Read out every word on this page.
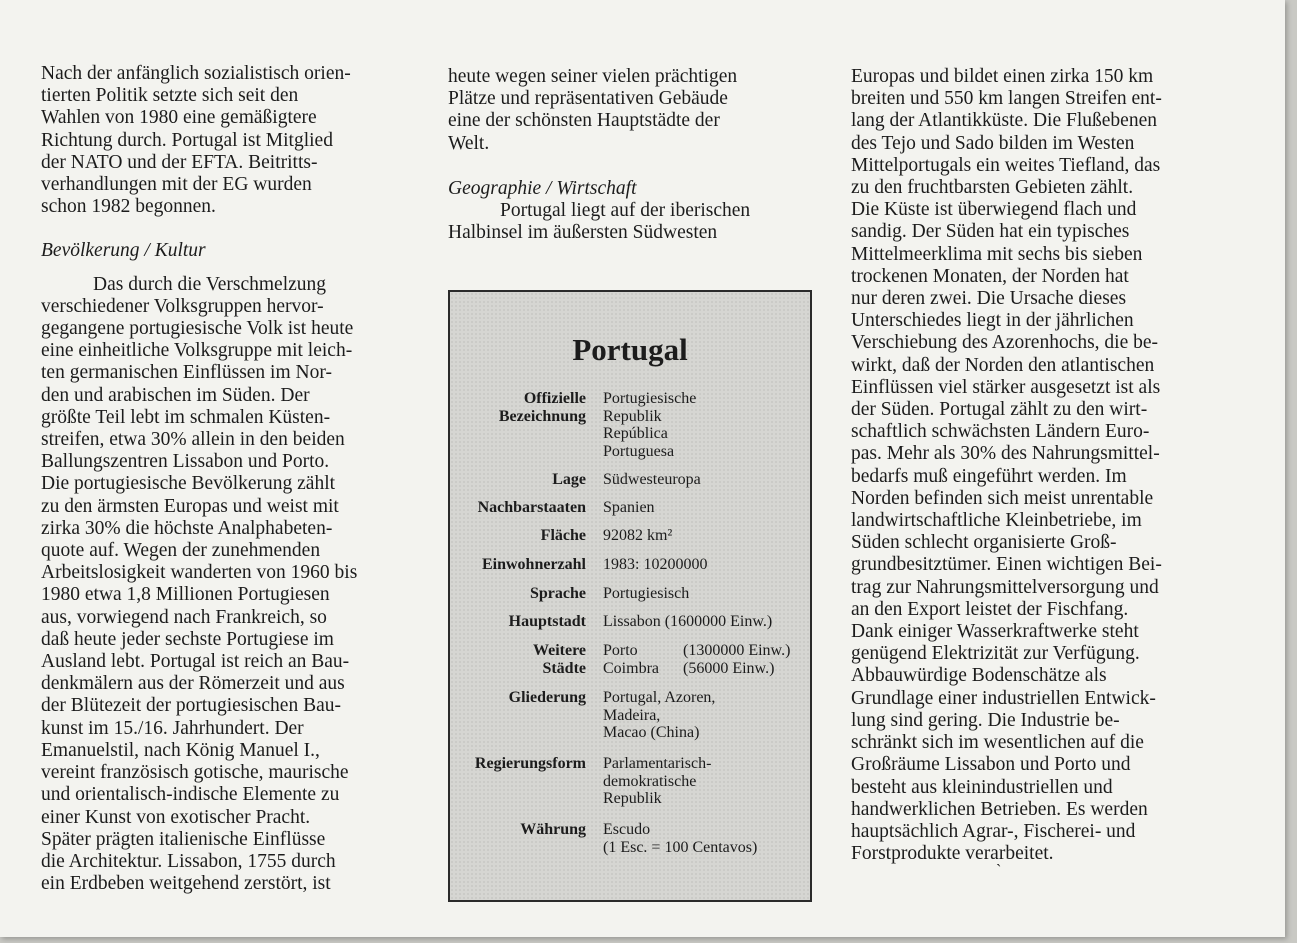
Nach der anfänglich sozialistisch orien-

tierten Politik setzte sich seit den

Wahlen von 1980 eine gemäßigtere

Richtung durch. Portugal ist Mitglied

der NATO und der EFTA. Beitritts-

verhandlungen mit der EG wurden

schon 1982 begonnen.

Bevölkerung / Kultur

Das durch die Verschmelzung

verschiedener Volksgruppen hervor-

gegangene portugiesische Volk ist heute

eine einheitliche Volksgruppe mit leich-

ten germanischen Einflüssen im Nor-

den und arabischen im Süden. Der

größte Teil lebt im schmalen Küsten-

streifen, etwa 30% allein in den beiden

Ballungszentren Lissabon und Porto.

Die portugiesische Bevölkerung zählt

zu den ärmsten Europas und weist mit

zirka 30% die höchste Analphabeten-

quote auf. Wegen der zunehmenden

Arbeitslosigkeit wanderten von 1960 bis

1980 etwa 1,8 Millionen Portugiesen

aus, vorwiegend nach Frankreich, so

daß heute jeder sechste Portugiese im

Ausland lebt. Portugal ist reich an Bau-

denkmälern aus der Römerzeit und aus

der Blütezeit der portugiesischen Bau-

kunst im 15./16. Jahrhundert. Der

Emanuelstil, nach König Manuel I.,

vereint französisch gotische, maurische

und orientalisch-indische Elemente zu

einer Kunst von exotischer Pracht.

Später prägten italienische Einflüsse

die Architektur. Lissabon, 1755 durch

ein Erdbeben weitgehend zerstört, ist

heute wegen seiner vielen prächtigen

Plätze und repräsentativen Gebäude

eine der schönsten Hauptstädte der

Welt.

Geographie / Wirtschaft

Portugal liegt auf der iberischen

Halbinsel im äußersten Südwesten

Portugal
Offizielle
Bezeichnung
Portugiesische
Republik
República
Portuguesa
Lage Südwesteuropa
Nachbarstaaten Spanien
Fläche 92082 km²
Einwohnerzahl 1983: 10200000
Sprache Portugiesisch
Hauptstadt Lissabon (1600000 Einw.)
Weitere
Städte
Porto	(1300000 Einw.)
Coimbra (56000 Einw.)
Gliederung Portugal, Azoren,
Madeira,
Macao (China)
Regierungsform Parlamentarisch-
demokratische
Republik
Währung Escudo
(1 Esc. = 100 Centavos)

Europas und bildet einen zirka 150 km

breiten und 550 km langen Streifen ent-

lang der Atlantikküste. Die Flußebenen

des Tejo und Sado bilden im Westen

Mittelportugals ein weites Tiefland, das

zu den fruchtbarsten Gebieten zählt.

Die Küste ist überwiegend flach und

sandig. Der Süden hat ein typisches

Mittelmeerklima mit sechs bis sieben

trockenen Monaten, der Norden hat

nur deren zwei. Die Ursache dieses

Unterschiedes liegt in der jährlichen

Verschiebung des Azorenhochs, die be-

wirkt, daß der Norden den atlantischen

Einflüssen viel stärker ausgesetzt ist als

der Süden. Portugal zählt zu den wirt-

schaftlich schwächsten Ländern Euro-

pas. Mehr als 30% des Nahrungsmittel-

bedarfs muß eingeführt werden. Im

Norden befinden sich meist unrentable

landwirtschaftliche Kleinbetriebe, im

Süden schlecht organisierte Groß-

grundbesitztümer. Einen wichtigen Bei-

trag zur Nahrungsmittelversorgung und

an den Export leistet der Fischfang.

Dank einiger Wasserkraftwerke steht

genügend Elektrizität zur Verfügung.

Abbauwürdige Bodenschätze als

Grundlage einer industriellen Entwick-

lung sind gering. Die Industrie be-

schränkt sich im wesentlichen auf die

Großräume Lissabon und Porto und

besteht aus kleinindustriellen und

handwerklichen Betrieben. Es werden

hauptsächlich Agrar-, Fischerei- und

Forstprodukte verarbeitet.

`
